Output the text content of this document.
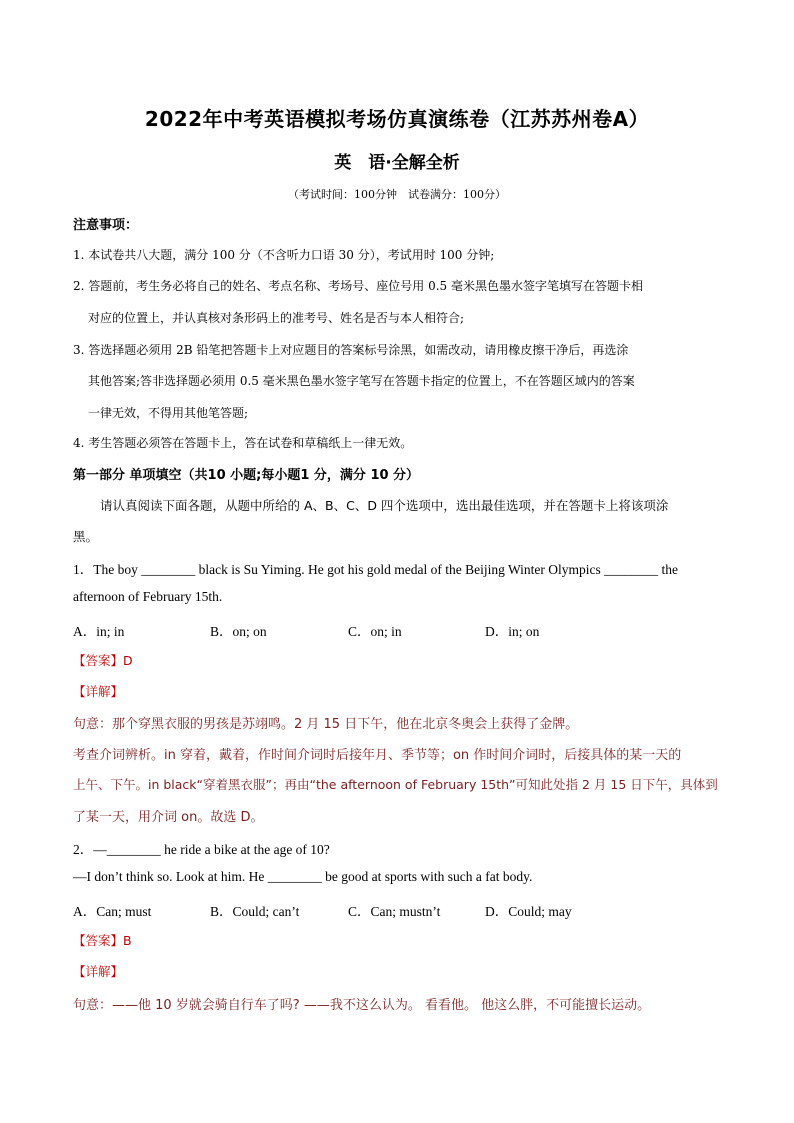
2022年中考英语模拟考场仿真演练卷（江苏苏州卷A）
英　语·全解全析
（考试时间：100分钟　试卷满分：100分）
注意事项：
1. 本试卷共八大题，满分 100 分（不含听力口语 30 分），考试用时 100 分钟;
2. 答题前，考生务必将自己的姓名、考点名称、考场号、座位号用 0.5 毫米黑色墨水签字笔填写在答题卡相
对应的位置上，并认真核对条形码上的准考号、姓名是否与本人相符合;
3. 答选择题必须用 2B 铅笔把答题卡上对应题目的答案标号涂黑，如需改动，请用橡皮擦干净后，再选涂
其他答案;答非选择题必须用 0.5 毫米黑色墨水签字笔写在答题卡指定的位置上，不在答题区域内的答案
一律无效，不得用其他笔答题;
4. 考生答题必须答在答题卡上，答在试卷和草稿纸上一律无效。
第一部分 单项填空（共10 小题;每小题1 分，满分 10 分）
请认真阅读下面各题，从题中所给的 A、B、C、D 四个选项中，选出最佳选项，并在答题卡上将该项涂
黑。
1．The boy ________ black is Su Yiming. He got his gold medal of the Beijing Winter Olympics ________ the
afternoon of February 15th.
A．in; in	B．on; on	C．on; in	D．in; on
【答案】D
【详解】
句意：那个穿黑衣服的男孩是苏翊鸣。2 月 15 日下午，他在北京冬奥会上获得了金牌。
考查介词辨析。in 穿着，戴着，作时间介词时后接年月、季节等；on 作时间介词时，后接具体的某一天的
上午、下午。in black“穿着黑衣服”；再由“the afternoon of February 15th”可知此处指 2 月 15 日下午，具体到
了某一天，用介词 on。故选 D。
2．—________ he ride a bike at the age of 10?
—I don’t think so. Look at him. He ________ be good at sports with such a fat body.
A．Can; must	B．Could; can’t	C．Can; mustn’t	D．Could; may
【答案】B
【详解】
句意：——他 10 岁就会骑自行车了吗? ——我不这么认为。 看看他。 他这么胖，不可能擅长运动。
